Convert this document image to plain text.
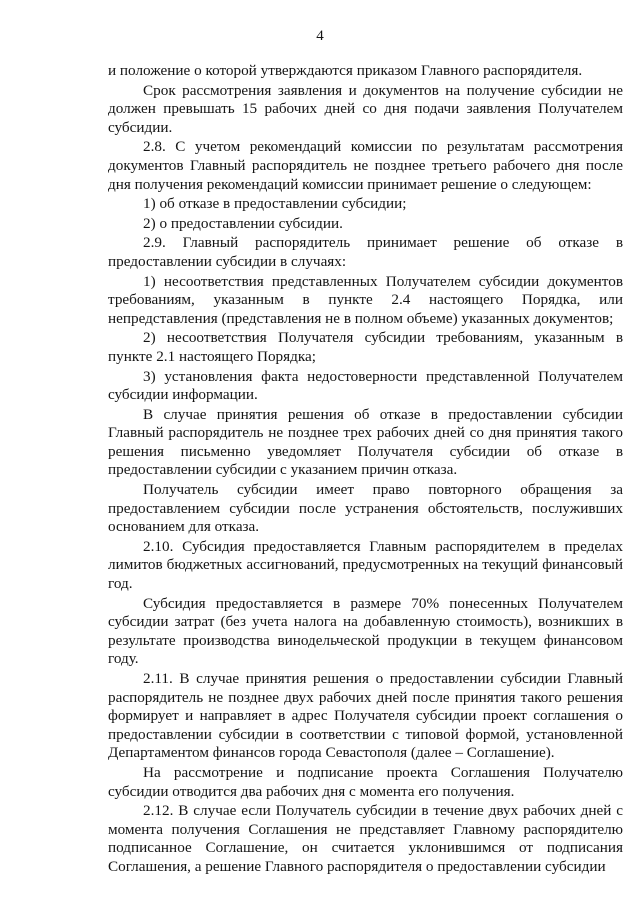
4

и положение о которой утверждаются приказом Главного распорядителя.

Срок рассмотрения заявления и документов на получение субсидии не должен превышать 15 рабочих дней со дня подачи заявления Получателем субсидии.

2.8. С учетом рекомендаций комиссии по результатам рассмотрения документов Главный распорядитель не позднее третьего рабочего дня после дня получения рекомендаций комиссии принимает решение о следующем:

1) об отказе в предоставлении субсидии;

2) о предоставлении субсидии.

2.9. Главный распорядитель принимает решение об отказе в предоставлении субсидии в случаях:

1) несоответствия представленных Получателем субсидии документов требованиям, указанным в пункте 2.4 настоящего Порядка, или непредставления (представления не в полном объеме) указанных документов;

2) несоответствия Получателя субсидии требованиям, указанным в пункте 2.1 настоящего Порядка;

3) установления факта недостоверности представленной Получателем субсидии информации.

В случае принятия решения об отказе в предоставлении субсидии Главный распорядитель не позднее трех рабочих дней со дня принятия такого решения письменно уведомляет Получателя субсидии об отказе в предоставлении субсидии с указанием причин отказа.

Получатель субсидии имеет право повторного обращения за предоставлением субсидии после устранения обстоятельств, послуживших основанием для отказа.

2.10. Субсидия предоставляется Главным распорядителем в пределах лимитов бюджетных ассигнований, предусмотренных на текущий финансовый год.

Субсидия предоставляется в размере 70% понесенных Получателем субсидии затрат (без учета налога на добавленную стоимость), возникших в результате производства винодельческой продукции в текущем финансовом году.

2.11. В случае принятия решения о предоставлении субсидии Главный распорядитель не позднее двух рабочих дней после принятия такого решения формирует и направляет в адрес Получателя субсидии проект соглашения о предоставлении субсидии в соответствии с типовой формой, установленной Департаментом финансов города Севастополя (далее – Соглашение).

На рассмотрение и подписание проекта Соглашения Получателю субсидии отводится два рабочих дня с момента его получения.

2.12. В случае если Получатель субсидии в течение двух рабочих дней с момента получения Соглашения не представляет Главному распорядителю подписанное Соглашение, он считается уклонившимся от подписания Соглашения, а решение Главного распорядителя о предоставлении субсидии
